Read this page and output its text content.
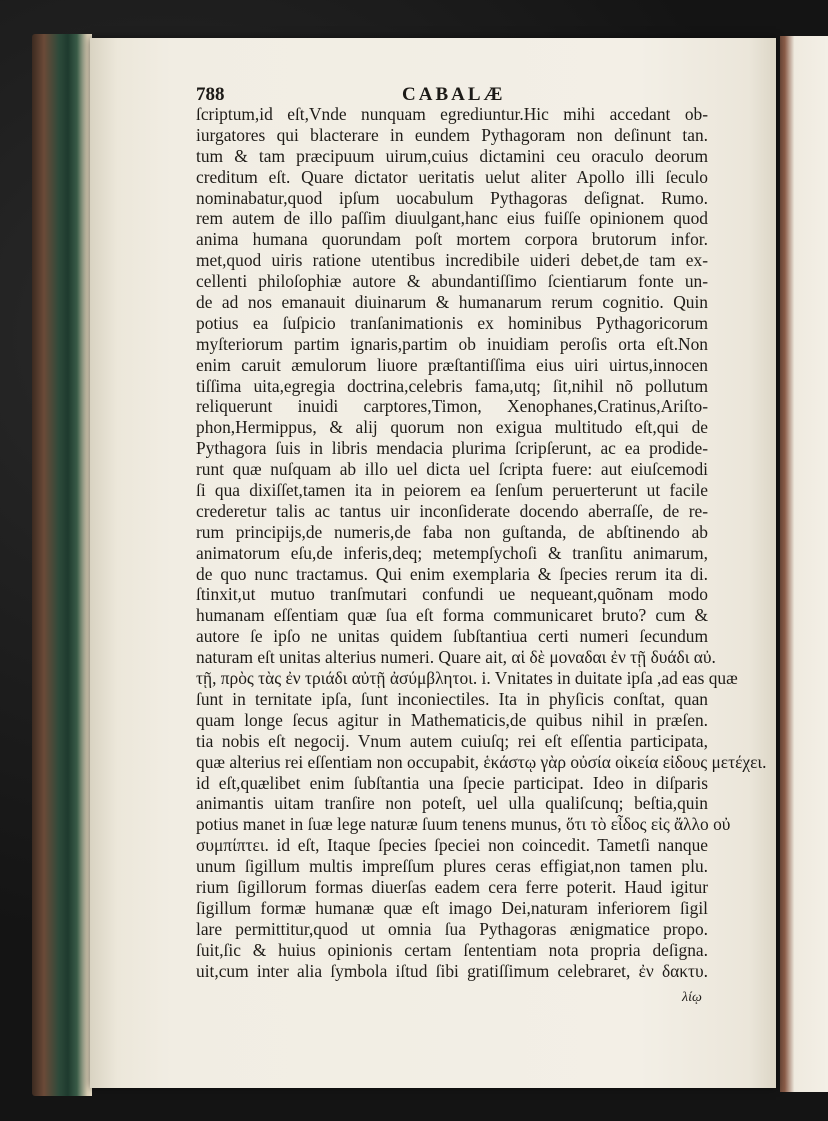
788	CABALÆ
ſcriptum,id eſt,Vnde nunquam egrediuntur.Hic mihi accedant ob-
iurgatores qui blacterare in eundem Pythagoram non deſinunt tan.
tum & tam præcipuum uirum,cuius dictamini ceu oraculo deorum
creditum eſt. Quare dictator ueritatis uelut aliter Apollo illi ſeculo
nominabatur,quod ipſum uocabulum Pythagoras deſignat. Rumo.
rem autem de illo paſſim diuulgant,hanc eius fuiſſe opinionem quod
anima humana quorundam poſt mortem corpora brutorum infor.
met,quod uiris ratione utentibus incredibile uideri debet,de tam ex-
cellenti philoſophiæ autore & abundantiſſimo ſcientiarum fonte un-
de ad nos emanauit diuinarum & humanarum rerum cognitio. Quin
potius ea ſuſpicio tranſanimationis ex hominibus Pythagoricorum
myſteriorum partim ignaris,partim ob inuidiam peroſis orta eſt.Non
enim caruit æmulorum liuore præſtantiſſima eius uiri uirtus,innocen
tiſſima uita,egregia doctrina,celebris fama,utq; ſit,nihil nõ pollutum
reliquerunt inuidi carptores,Timon, Xenophanes,Cratinus,Ariſto-
phon,Hermippus, & alij quorum non exigua multitudo eſt,qui de
Pythagora ſuis in libris mendacia plurima ſcripſerunt, ac ea prodide-
runt quæ nuſquam ab illo uel dicta uel ſcripta fuere: aut eiuſcemodi
ſi qua dixiſſet,tamen ita in peiorem ea ſenſum peruerterunt ut facile
crederetur talis ac tantus uir inconſiderate docendo aberraſſe, de re-
rum principijs,de numeris,de faba non guſtanda, de abſtinendo ab
animatorum eſu,de inferis,deq; metempſychoſi & tranſitu animarum,
de quo nunc tractamus. Qui enim exemplaria & ſpecies rerum ita di.
ſtinxit,ut mutuo tranſmutari confundi ue nequeant,quõnam modo
humanam eſſentiam quæ ſua eſt forma communicaret bruto? cum &
autore ſe ipſo ne unitas quidem ſubſtantiua certi numeri ſecundum
naturam eſt unitas alterius numeri. Quare ait, αἱ δὲ μοναδαι ἐν τῇ δυάδι αὐ.
τῇ, πρὸς τὰς ἐν τριάδι αὐτῇ ἀσύμβλητοι. i. Vnitates in duitate ipſa ,ad eas quæ
ſunt in ternitate ipſa, ſunt inconiectiles. Ita in phyſicis conſtat, quan
quam longe ſecus agitur in Mathematicis,de quibus nihil in præſen.
tia nobis eſt negocij. Vnum autem cuiuſq; rei eſt eſſentia participata,
quæ alterius rei eſſentiam non occupabit, ἑκάστῳ γὰρ οὐσία οἰκεία εἰδους μετέχει.
id eſt,quælibet enim ſubſtantia una ſpecie participat. Ideo in diſparis
animantis uitam tranſire non poteſt, uel ulla qualiſcunq; beſtia,quin
potius manet in ſuæ lege naturæ ſuum tenens munus, ὅτι τὸ εἶδος εἰς ἄλλο οὐ
συμπίπτει. id eſt, Itaque ſpecies ſpeciei non coincedit. Tametſi nanque
unum ſigillum multis impreſſum plures ceras effigiat,non tamen plu.
rium ſigillorum formas diuerſas eadem cera ferre poterit. Haud igitur
ſigillum formæ humanæ quæ eſt imago Dei,naturam inferiorem ſigil
lare permittitur,quod ut omnia ſua Pythagoras ænigmatice propo.
ſuit,ſic & huius opinionis certam ſententiam nota propria deſigna.
uit,cum inter alia ſymbola iſtud ſibi gratiſſimum celebraret, ἐν δακτυ.
λίῳ
